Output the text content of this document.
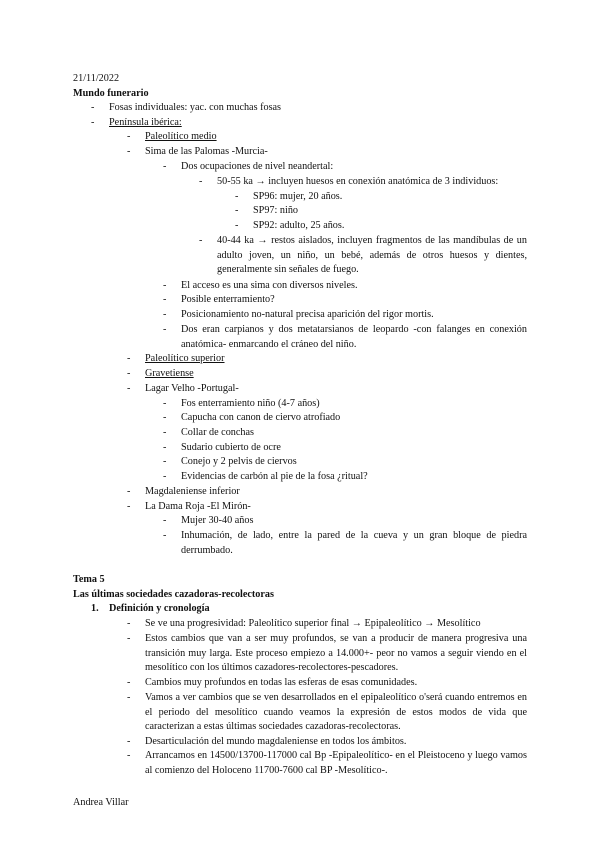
21/11/2022
Mundo funerario
- Fosas individuales: yac. con muchas fosas
- Península ibérica:
- Paleolítico medio
- Sima de las Palomas -Murcia-
- Dos ocupaciones de nivel neandertal:
- 50-55 ka → incluyen huesos en conexión anatómica de 3 individuos:
- SP96: mujer, 20 años.
- SP97: niño
- SP92: adulto, 25 años.
- 40-44 ka → restos aislados, incluyen fragmentos de las mandíbulas de un adulto joven, un niño, un bebé, además de otros huesos y dientes, generalmente sin señales de fuego.
- El acceso es una sima con diversos niveles.
- Posible enterramiento?
- Posicionamiento no-natural precisa aparición del rigor mortis.
- Dos eran carpianos y dos metatarsianos de leopardo -con falanges en conexión anatómica- enmarcando el cráneo del niño.
- Paleolítico superior
- Gravetiense
- Lagar Velho -Portugal-
- Fos enterramiento niño (4-7 años)
- Capucha con canon de ciervo atrofiado
- Collar de conchas
- Sudario cubierto de ocre
- Conejo y 2 pelvis de ciervos
- Evidencias de carbón al pie de la fosa ¿ritual?
- Magdaleniense inferior
- La Dama Roja -El Mirón-
- Mujer 30-40 años
- Inhumación, de lado, entre la pared de la cueva y un gran bloque de piedra derrumbado.
Tema 5
Las últimas sociedades cazadoras-recolectoras
1. Definición y cronología
- Se ve una progresividad: Paleolítico superior final → Epipaleolítico → Mesolítico
- Estos cambios que van a ser muy profundos, se van a producir de manera progresiva una transición muy larga. Este proceso empiezo a 14.000+- peor no vamos a seguir viendo en el mesolítico con los últimos cazadores-recolectores-pescadores.
- Cambios muy profundos en todas las esferas de esas comunidades.
- Vamos a ver cambios que se ven desarrollados en el epipaleolítico o'será cuando entremos en el periodo del mesolítico cuando veamos la expresión de estos modos de vida que caracterizan a estas últimas sociedades cazadoras-recolectoras.
- Desarticulación del mundo magdaleniense en todos los ámbitos.
- Arrancamos en 14500/13700-117000 cal Bp -Epipaleolítico- en el Pleistoceno y luego vamos al comienzo del Holoceno 11700-7600 cal BP -Mesolítico-.
Andrea Villar
